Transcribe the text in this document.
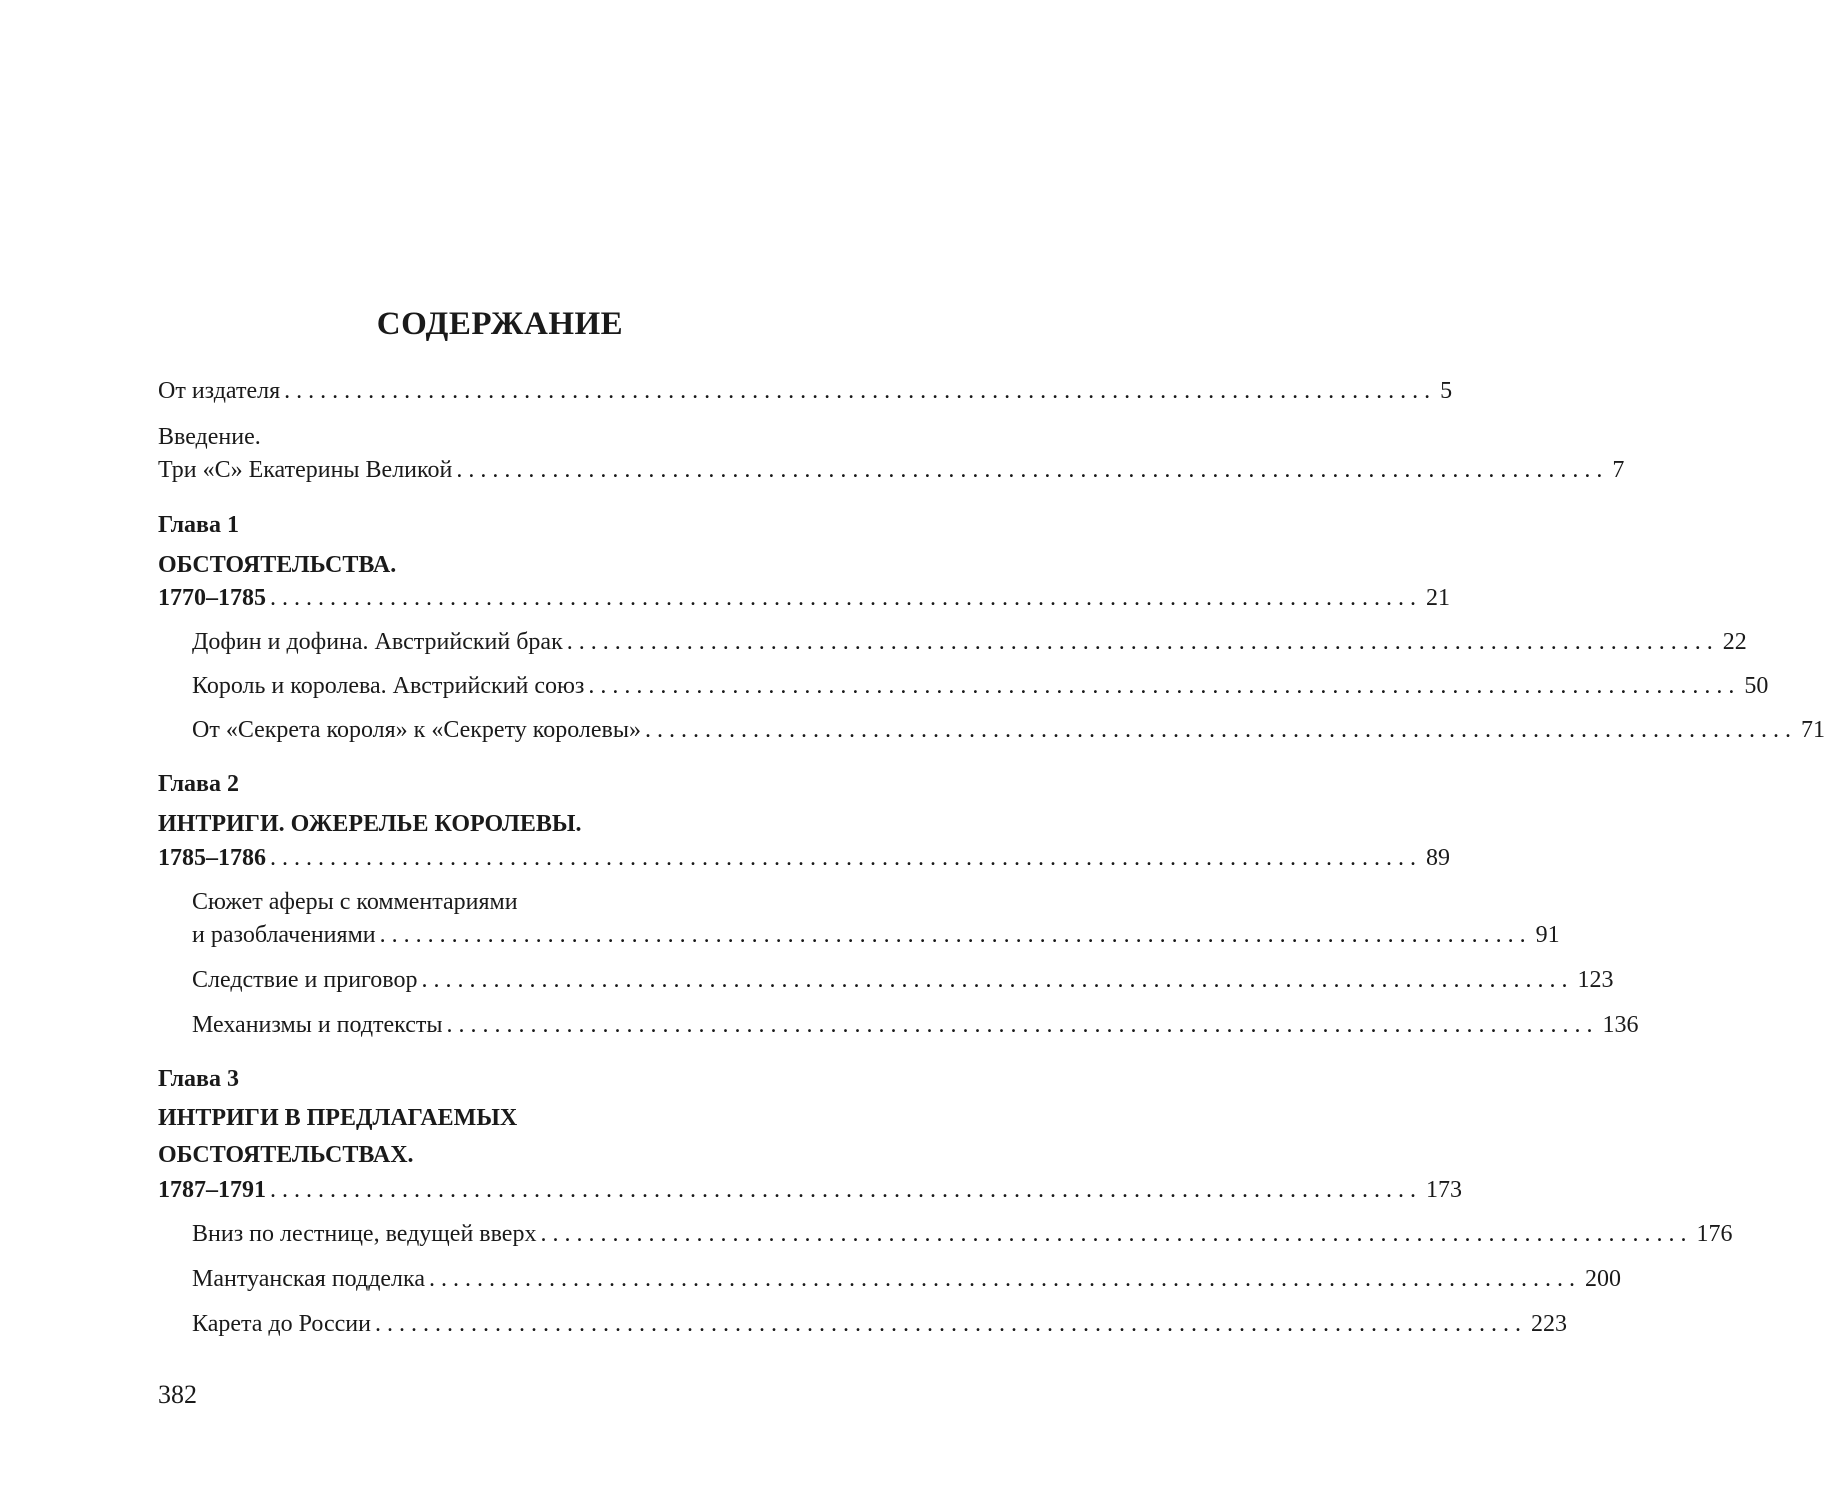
СОДЕРЖАНИЕ
От издателя ................................................................................................ 5
Введение.
Три «С» Екатерины Великой ................................................................................................ 7
Глава 1
ОБСТОЯТЕЛЬСТВА.
1770–1785 ................................................................................................ 21
Дофин и дофина. Австрийский брак ................................................................................................ 22
Король и королева. Австрийский союз ................................................................................................ 50
От «Секрета короля» к «Секрету королевы» ................................................................................................ 71
Глава 2
ИНТРИГИ. ОЖЕРЕЛЬЕ КОРОЛЕВЫ.
1785–1786 ................................................................................................ 89
Сюжет аферы с комментариями
и разоблачениями ................................................................................................ 91
Следствие и приговор ................................................................................................ 123
Механизмы и подтексты ................................................................................................ 136
Глава 3
ИНТРИГИ В ПРЕДЛАГАЕМЫХ
ОБСТОЯТЕЛЬСТВАХ.
1787–1791 ................................................................................................ 173
Вниз по лестнице, ведущей вверх ................................................................................................ 176
Мантуанская подделка ................................................................................................ 200
Карета до России ................................................................................................ 223
382
